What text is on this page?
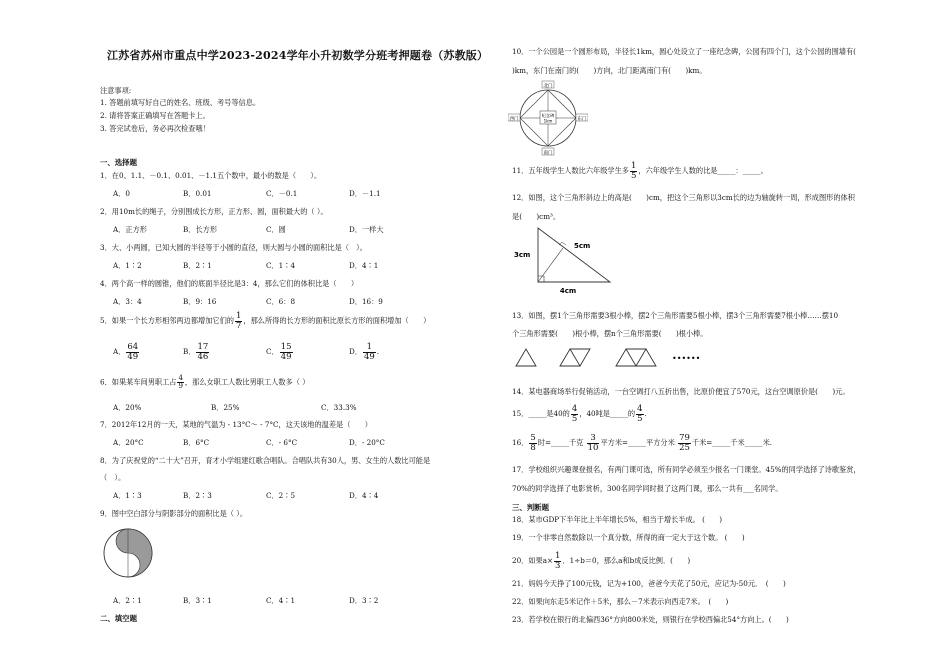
江苏省苏州市重点中学2023-2024学年小升初数学分班考押题卷（苏教版）
注意事项:
1. 答题前填写好自己的姓名、班级、考号等信息。
2. 请将答案正确填写在答题卡上。
3. 答完试卷后，务必再次检查哦！
一、选择题
1．在0、1.1、－0.1、0.01、－1.1五个数中，最小的数是（　　）。
A．0	B．0.01	C．－0.1	D．－1.1
2．用10m长的绳子，分别围成长方形，正方形、圆，面积最大的（ ）。
A．正方形	B．长方形	C．圆	D．一样大
3．大、小两圆，已知大圆的半径等于小圆的直径，则大圆与小圆的面积比是（　）。
A．1∶2	B．2∶1	C．1∶4	D．4∶1
4．两个高一样的圆锥，他们的底面半径比是3：4，那么它们的体积比是（　　）
A．3：4	B．9：16	C．6：8	D．16：9
5．如果一个长方形相邻两边都增加它们的 $\frac{1}{7}$ ，那么所得的长方形的面积比原长方形的面积增加（　　）
A． $\frac{64}{49}$	B． $\frac{17}{46}$	C． $\frac{15}{49}$	D． $\frac{1}{49}$ .
6．如果某车间男职工占 $\frac{4}{9}$ ，那么女职工人数比男职工人数多（ ）
A．20%	B．25%	C．33.3%
7．2012年12月的一天，某地的气温为 - 13°C～ - 7°C，这天该地的温差是（　　）
A．20°C	B．6°C	C．- 6°C	D．- 20°C
8．为了庆祝党的“二十大”召开，育才小学组建红歌合唱队。合唱队共有30人，男、女生的人数比可能是
（　）。
A．1∶3	B．2∶3	C．2∶5	D．4∶4
9．图中空白部分与阴影部分的面积比是（ ）。
A．2∶1	B．3∶1	C．4∶1	D．3∶2
二、填空题
10．一个公园是一个圆形布局，半径长1km，圆心处设立了一座纪念碑，公园有四个门，这个公园的围墙有(
)km，东门在南门的(　　)方向，北门距离南门有(　　)km。
北门
南门
西门	东门
纪念碑
1km
11．五年级学生人数比六年级学生多 $\frac{1}{5}$ ，六年级学生人数的比是_____：_____。
12．如图，这个三角形斜边上的高是(　　)cm，把这个三角形以3cm长的边为轴旋转一周，形成图形的体积
是(　　)cm³。
3cm
5cm
4cm
13．如图，摆1个三角形需要3根小棒，摆2个三角形需要5根小棒，摆3个三角形需要7根小棒……摆10
个三角形需要(　　)根小棒，摆n个三角形需要(　　)根小棒。
••••••
14．某电器商场举行促销活动，一台空调打八五折出售，比原价便宜了570元，这台空调原价是(　　)元。
15．_____是40的 $\frac{4}{5}$ ，40吨是_____的 $\frac{4}{5}$ .
16． $\frac{5}{8}$ 时=_____千克 $\frac{3}{10}$ 平方米=_____平方分米 $\frac{79}{25}$ 千米=_____千米_____米.
17．学校组织兴趣课登报名，有两门课可选，所有同学必须至少报名一门课堂。45%的同学选择了诗歌鉴赏，
70%的同学选择了电影赏析，300名同学同时报了这两门课，那么一共有___名同学。
三、判断题
18．某市GDP下半年比上半年增长5%，相当于增长半成。 (　　)
19．一个非零自然数除以一个真分数，所得的商一定大于这个数。 (　　)
20．如果$a\times \frac{1}{3}$ ．1÷b＝0，那么a和b成反比例．(　　)
21．妈妈今天挣了100元钱，记为+100，爸爸今天花了50元，应记为-50元．　(　　)
22．如果向东走5米记作＋5米，那么－7米表示向西走7米。　(　　)
23．若学校在银行的北偏西36°方向800米处，则银行在学校西偏北54°方向上。(　　)
